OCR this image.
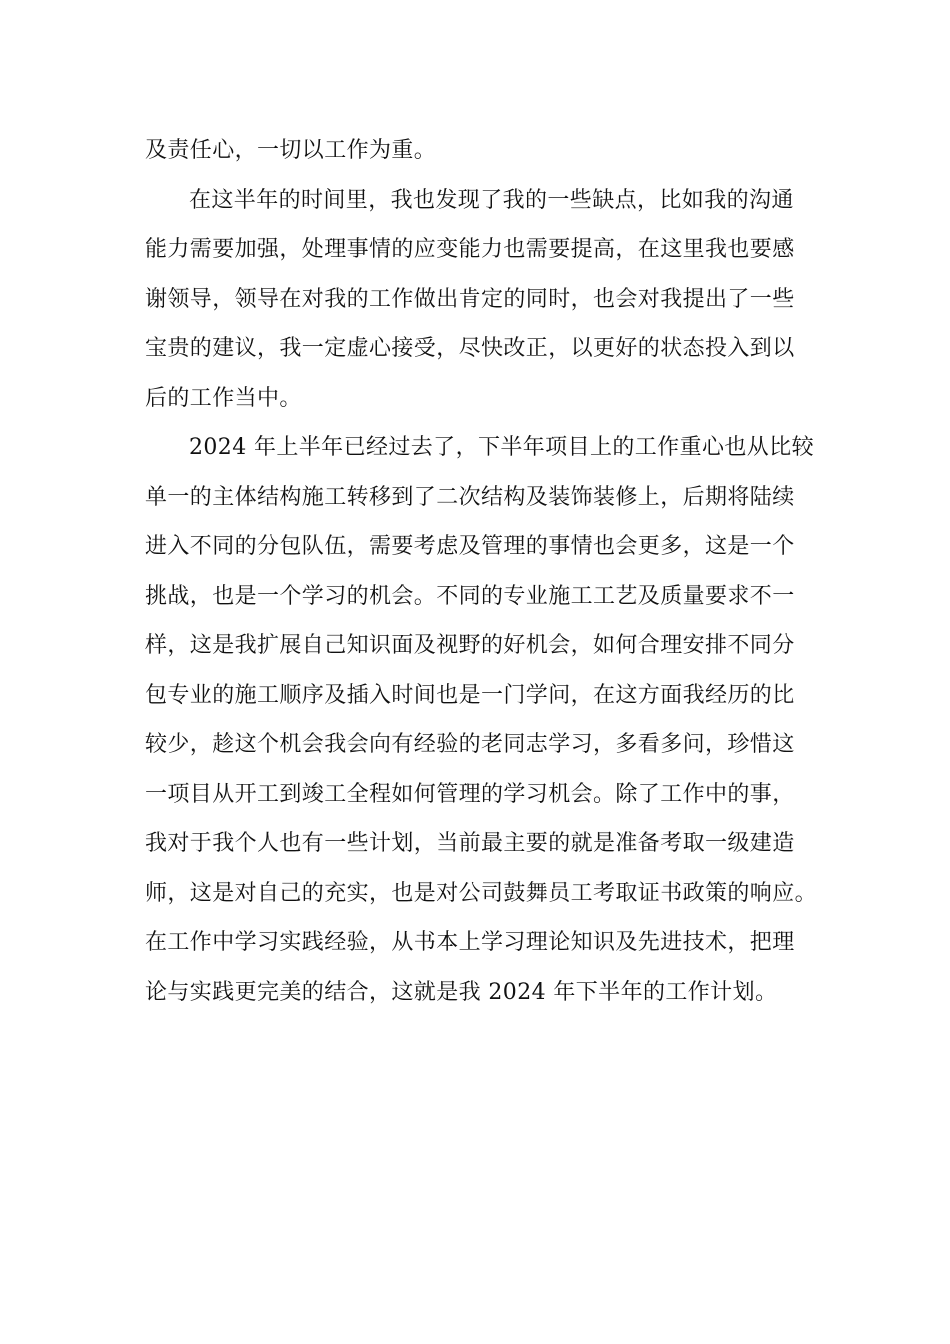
及责任心，一切以工作为重。
在这半年的时间里，我也发现了我的一些缺点，比如我的沟通
能力需要加强，处理事情的应变能力也需要提高，在这里我也要感
谢领导，领导在对我的工作做出肯定的同时，也会对我提出了一些
宝贵的建议，我一定虚心接受，尽快改正，以更好的状态投入到以
后的工作当中。
2024 年上半年已经过去了，下半年项目上的工作重心也从比较
单一的主体结构施工转移到了二次结构及装饰装修上，后期将陆续
进入不同的分包队伍，需要考虑及管理的事情也会更多，这是一个
挑战，也是一个学习的机会。不同的专业施工工艺及质量要求不一
样，这是我扩展自己知识面及视野的好机会，如何合理安排不同分
包专业的施工顺序及插入时间也是一门学问，在这方面我经历的比
较少，趁这个机会我会向有经验的老同志学习，多看多问，珍惜这
一项目从开工到竣工全程如何管理的学习机会。除了工作中的事，
我对于我个人也有一些计划，当前最主要的就是准备考取一级建造
师，这是对自己的充实，也是对公司鼓舞员工考取证书政策的响应。
在工作中学习实践经验，从书本上学习理论知识及先进技术，把理
论与实践更完美的结合，这就是我 2024 年下半年的工作计划。
